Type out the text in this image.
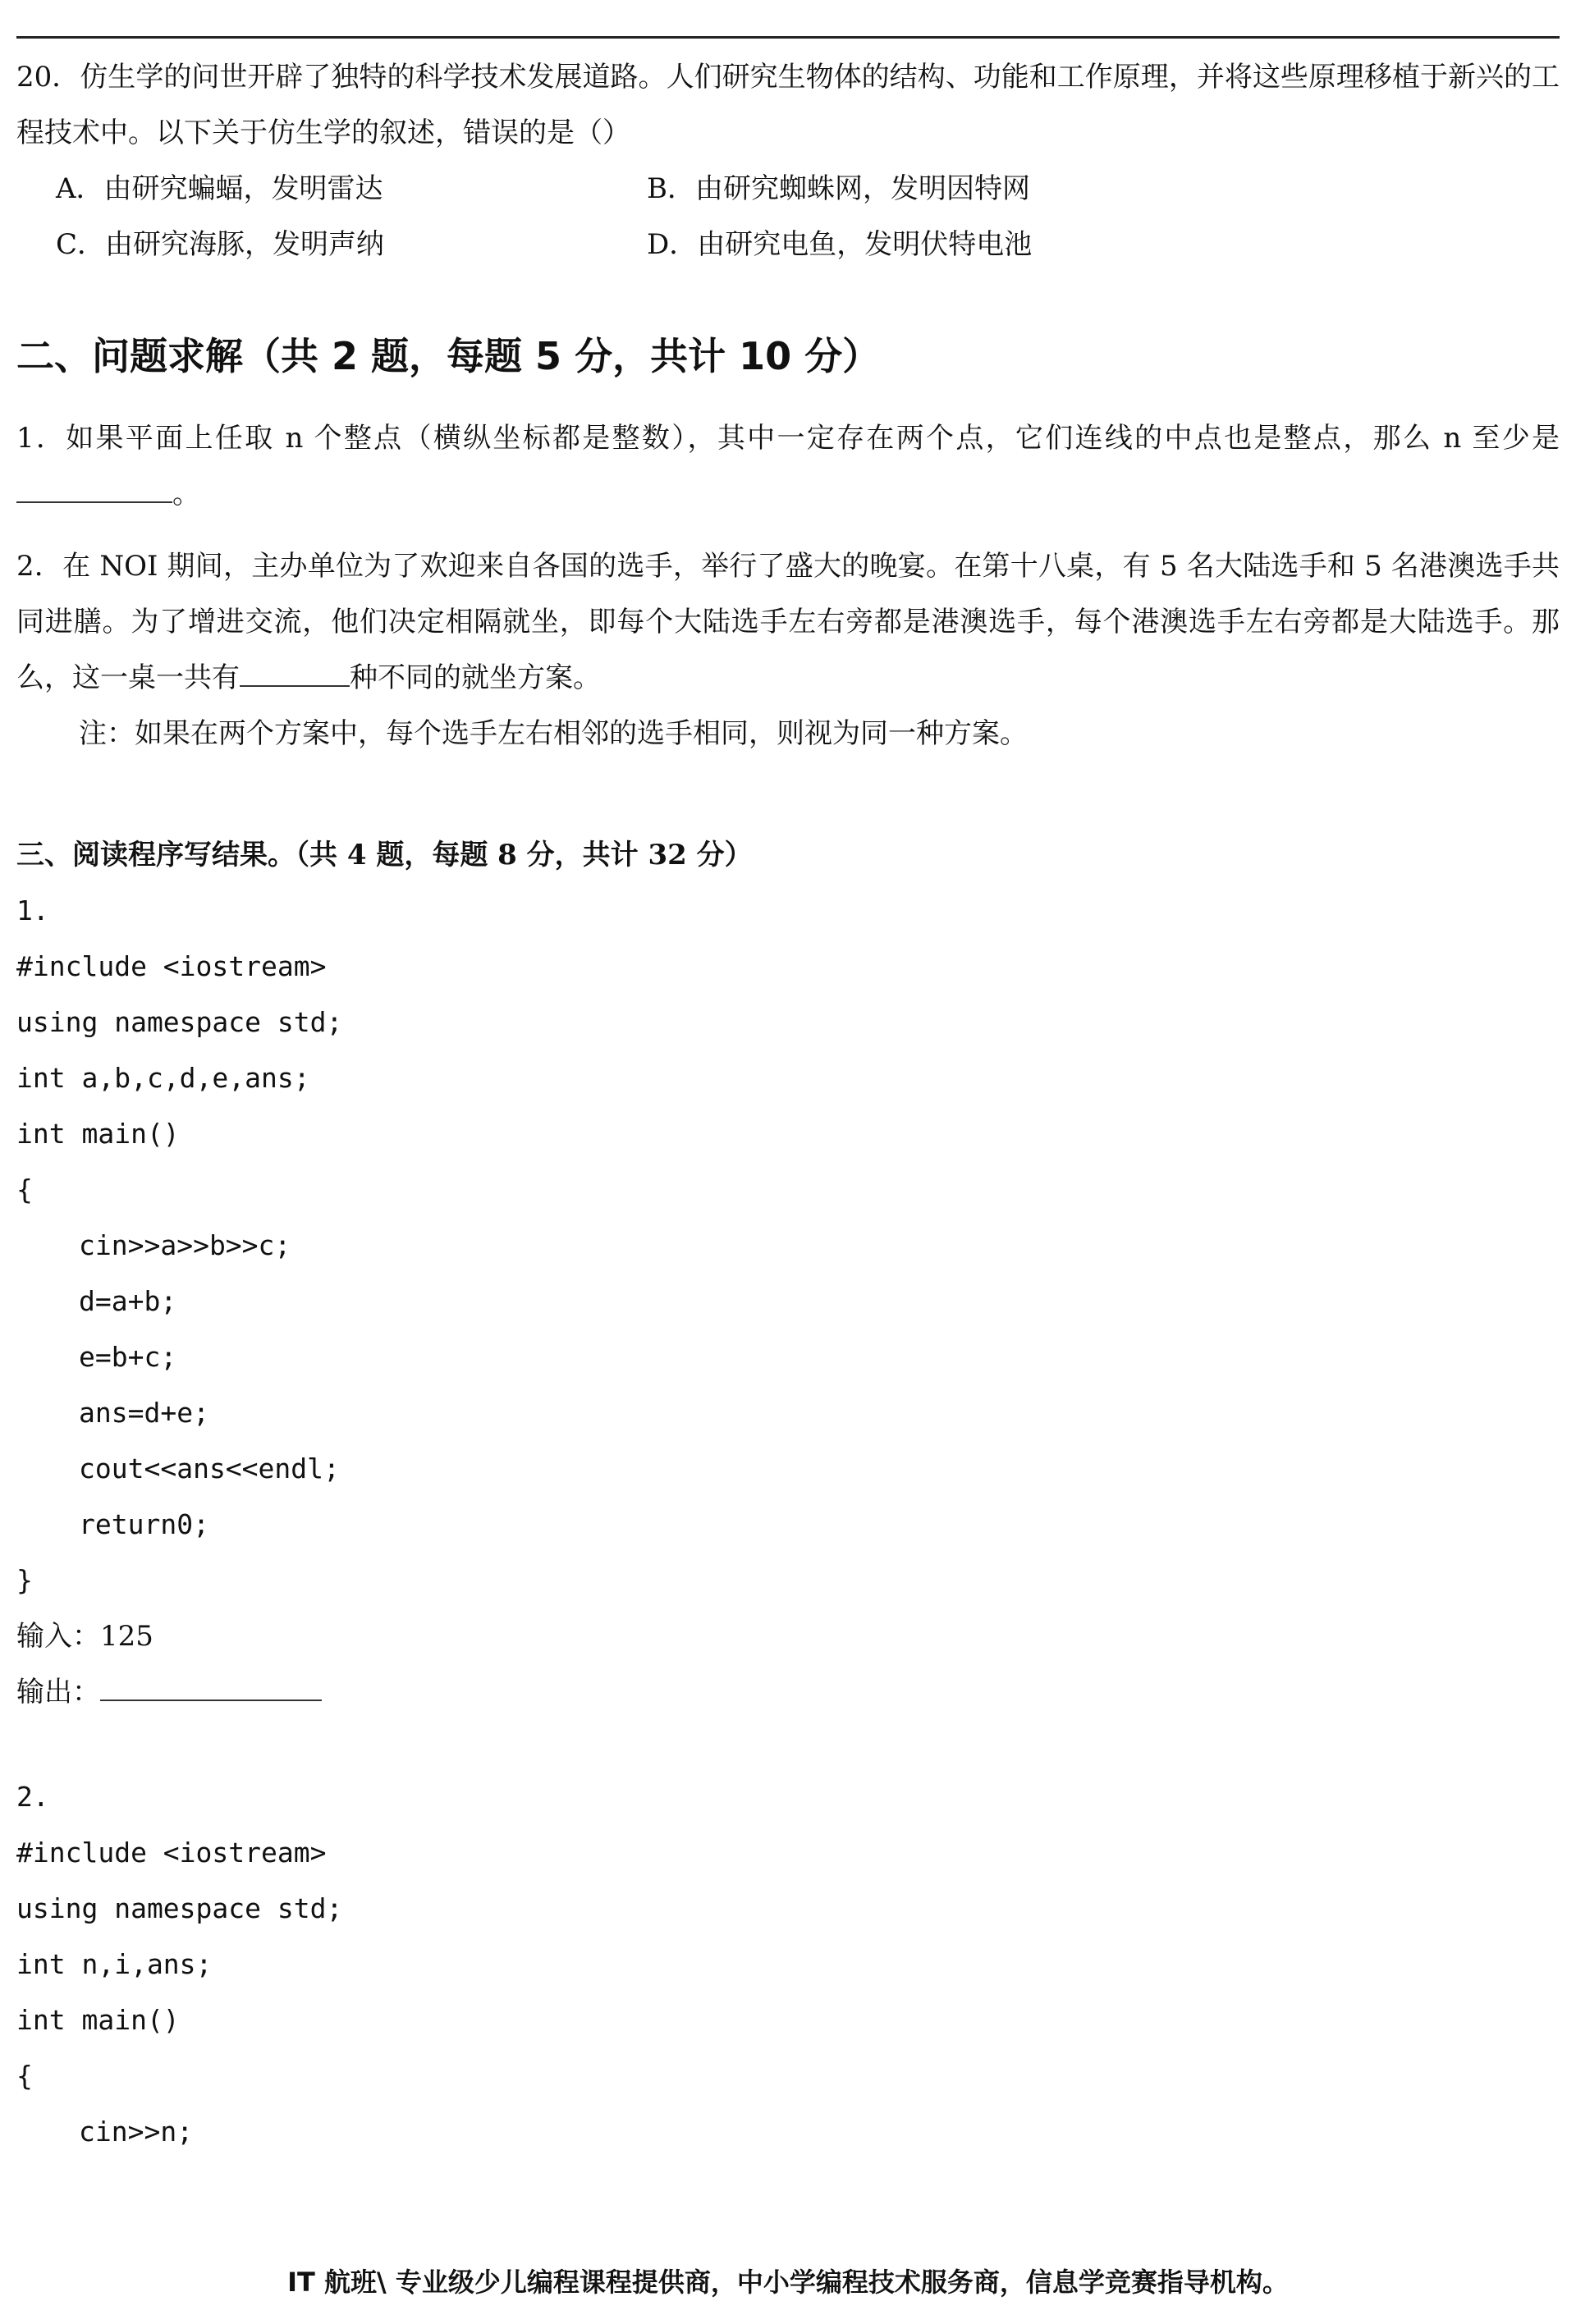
20．仿生学的问世开辟了独特的科学技术发展道路。人们研究生物体的结构、功能和工作原理，并将这些原理移植于新兴的工程技术中。以下关于仿生学的叙述，错误的是（）

A．由研究蝙蝠，发明雷达	B．由研究蜘蛛网，发明因特网
C．由研究海豚，发明声纳	D．由研究电鱼，发明伏特电池
二、问题求解（共 2 题，每题 5 分，共计 10 分）

1．如果平面上任取 n 个整点（横纵坐标都是整数），其中一定存在两个点，它们连线的中点也是整点，那么 n 至少是。

2．在 NOI 期间，主办单位为了欢迎来自各国的选手，举行了盛大的晚宴。在第十八桌，有 5 名大陆选手和 5 名港澳选手共同进膳。为了增进交流，他们决定相隔就坐，即每个大陆选手左右旁都是港澳选手，每个港澳选手左右旁都是大陆选手。那么，这一桌一共有	种不同的就坐方案。

注：如果在两个方案中，每个选手左右相邻的选手相同，则视为同一种方案。

三、阅读程序写结果。（共 4 题，每题 8 分，共计 32 分）

1.

#include <iostream>

using namespace std;

int a,b,c,d,e,ans;

int main()

{

cin>>a>>b>>c;

d=a+b;

e=b+c;

ans=d+e;

cout<<ans<<endl;

return0;

}

输入：125

输出：

2.

#include <iostream>

using namespace std;

int n,i,ans;

int main()

{

cin>>n;

IT 航班\ 专业级少儿编程课程提供商，中小学编程技术服务商，信息学竞赛指导机构。
